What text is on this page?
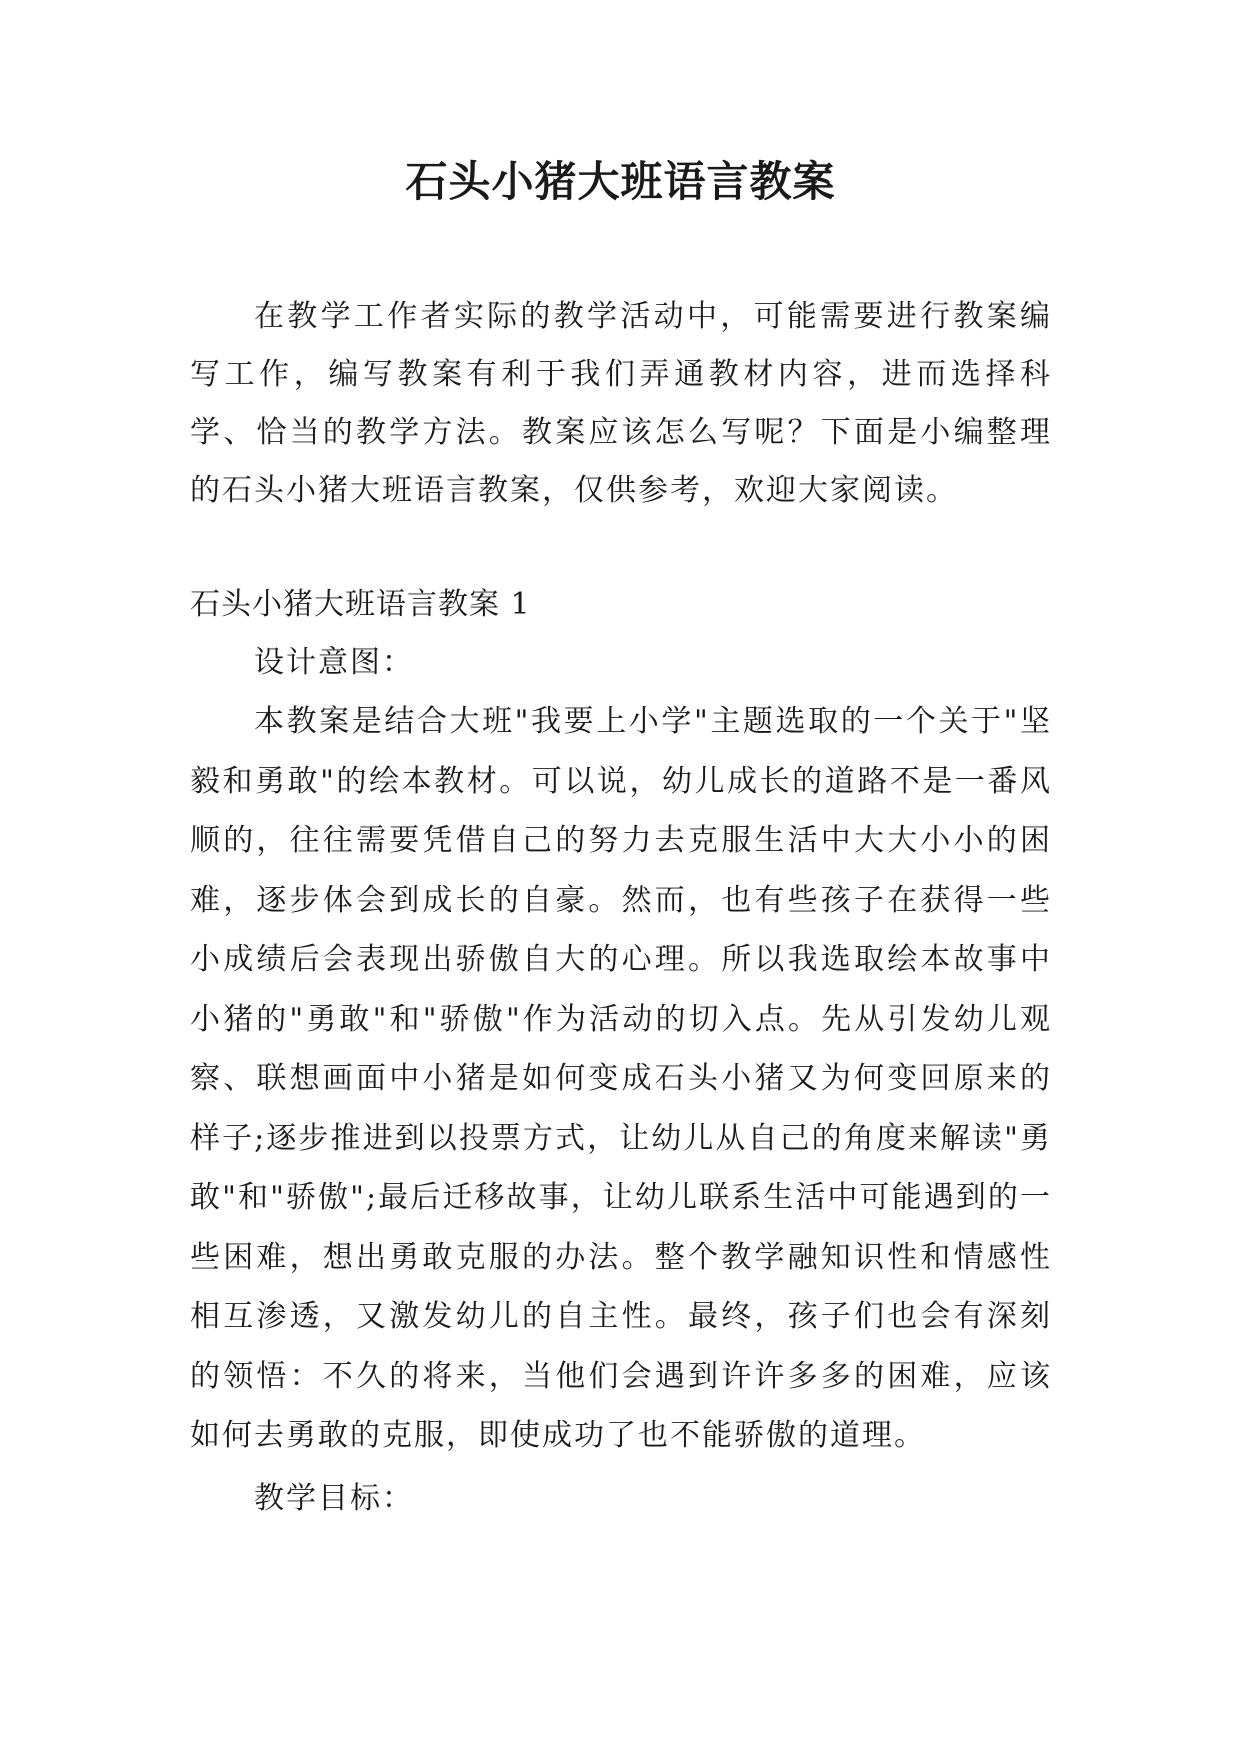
石头小猪大班语言教案

在教学工作者实际的教学活动中，可能需要进行教案编写工作，编写教案有利于我们弄通教材内容，进而选择科学、恰当的教学方法。教案应该怎么写呢？下面是小编整理的石头小猪大班语言教案，仅供参考，欢迎大家阅读。

石头小猪大班语言教案 1

设计意图：

本教案是结合大班"我要上小学"主题选取的一个关于"坚毅和勇敢"的绘本教材。可以说，幼儿成长的道路不是一番风顺的，往往需要凭借自己的努力去克服生活中大大小小的困难，逐步体会到成长的自豪。然而，也有些孩子在获得一些小成绩后会表现出骄傲自大的心理。所以我选取绘本故事中小猪的"勇敢"和"骄傲"作为活动的切入点。先从引发幼儿观察、联想画面中小猪是如何变成石头小猪又为何变回原来的样子;逐步推进到以投票方式，让幼儿从自己的角度来解读"勇敢"和"骄傲";最后迁移故事，让幼儿联系生活中可能遇到的一些困难，想出勇敢克服的办法。整个教学融知识性和情感性相互渗透，又激发幼儿的自主性。最终，孩子们也会有深刻的领悟：不久的将来，当他们会遇到许许多多的困难，应该如何去勇敢的克服，即使成功了也不能骄傲的道理。

教学目标：
